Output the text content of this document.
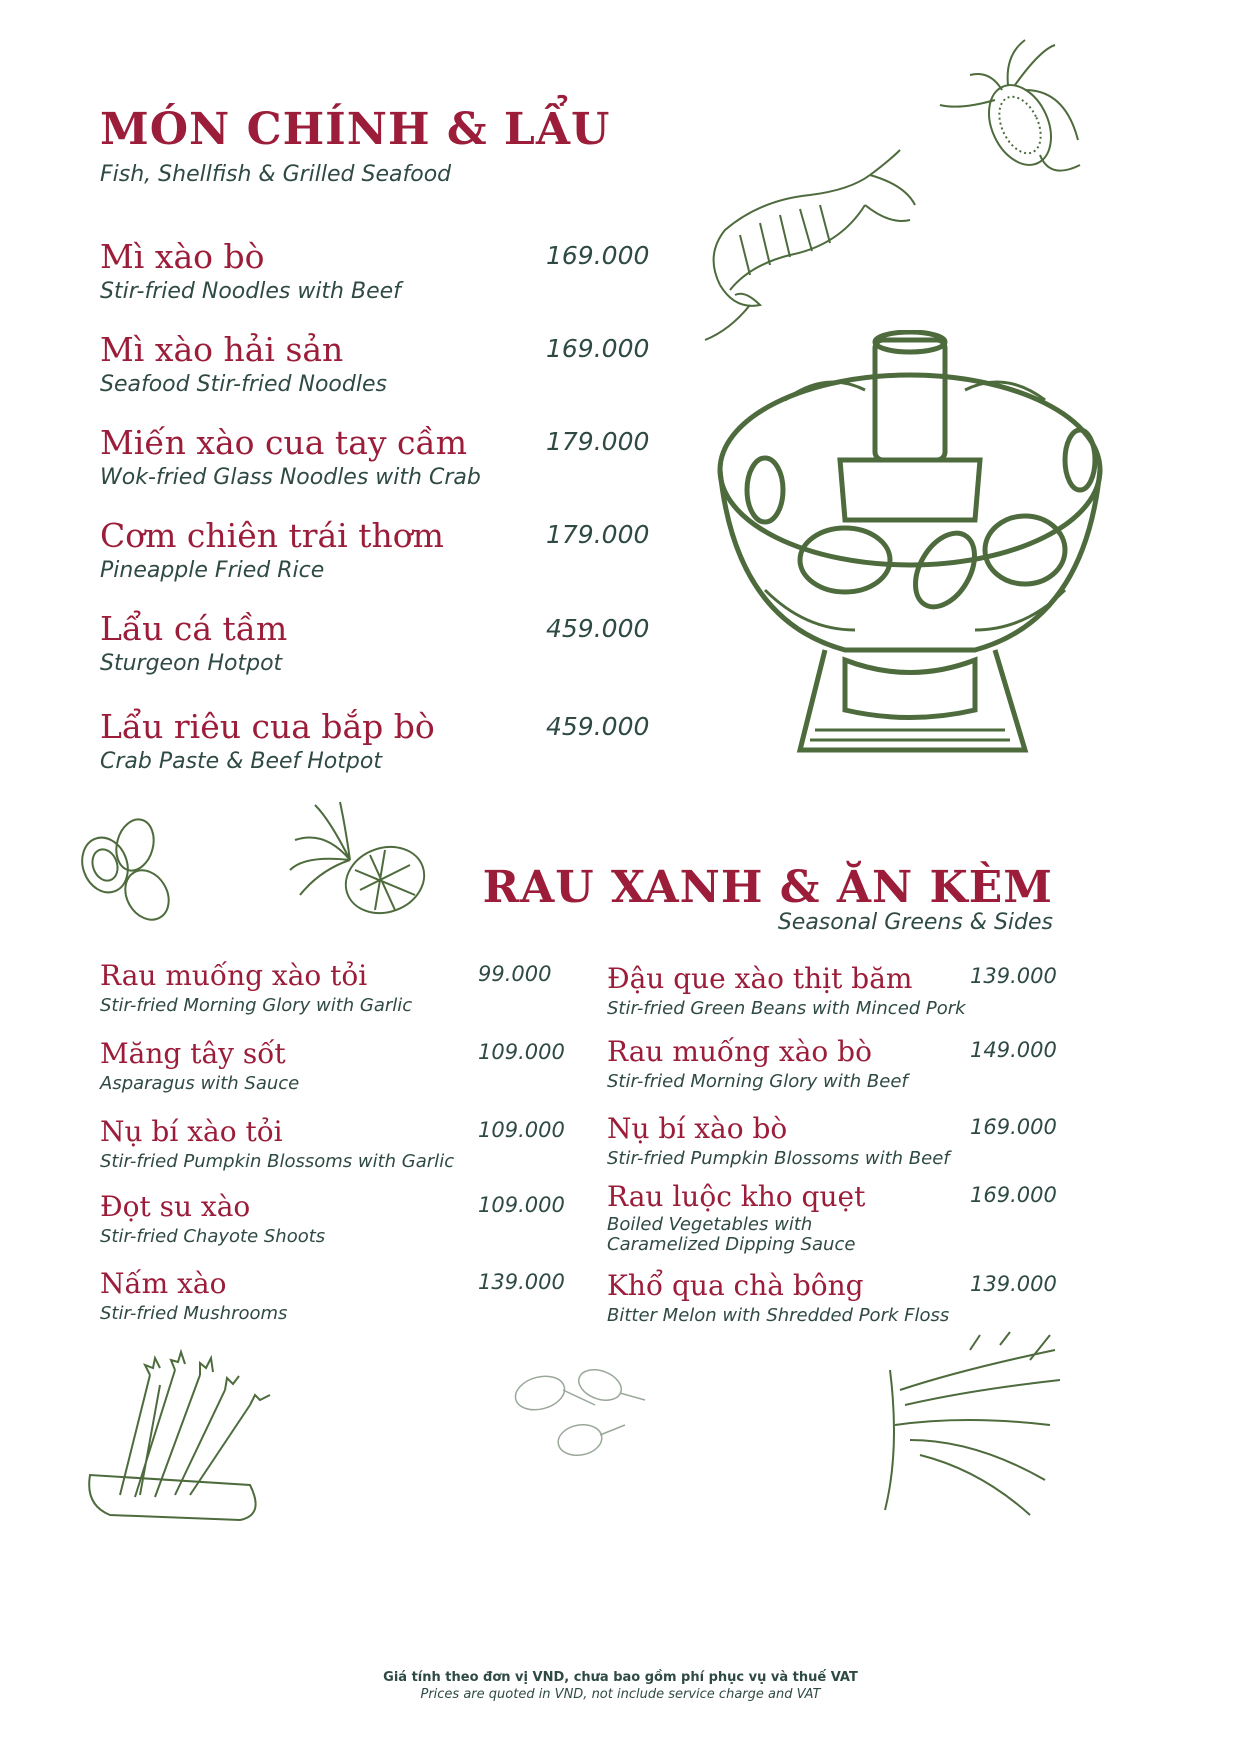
MÓN CHÍNH & LẨU
Fish, Shellfish & Grilled Seafood
Mì xào bò
Stir-fried Noodles with Beef
169.000
Mì xào hải sản
Seafood Stir-fried Noodles
169.000
Miến xào cua tay cầm
Wok-fried Glass Noodles with Crab
179.000
Cơm chiên trái thơm
Pineapple Fried Rice
179.000
Lẩu cá tầm
Sturgeon Hotpot
459.000
Lẩu riêu cua bắp bò
Crab Paste & Beef Hotpot
459.000
RAU XANH & ĂN KÈM
Seasonal Greens & Sides
Rau muống xào tỏi
Stir-fried Morning Glory with Garlic
99.000
Măng tây sốt
Asparagus with Sauce
109.000
Nụ bí xào tỏi
Stir-fried Pumpkin Blossoms with Garlic
109.000
Đọt su xào
Stir-fried Chayote Shoots
109.000
Nấm xào
Stir-fried Mushrooms
139.000
Đậu que xào thịt băm
Stir-fried Green Beans with Minced Pork
139.000
Rau muống xào bò
Stir-fried Morning Glory with Beef
149.000
Nụ bí xào bò
Stir-fried Pumpkin Blossoms with Beef
169.000
Rau luộc kho quẹt
Boiled Vegetables with
Caramelized Dipping Sauce
169.000
Khổ qua chà bông
Bitter Melon with Shredded Pork Floss
139.000
Giá tính theo đơn vị VND, chưa bao gồm phí phục vụ và thuế VAT
Prices are quoted in VND, not include service charge and VAT
